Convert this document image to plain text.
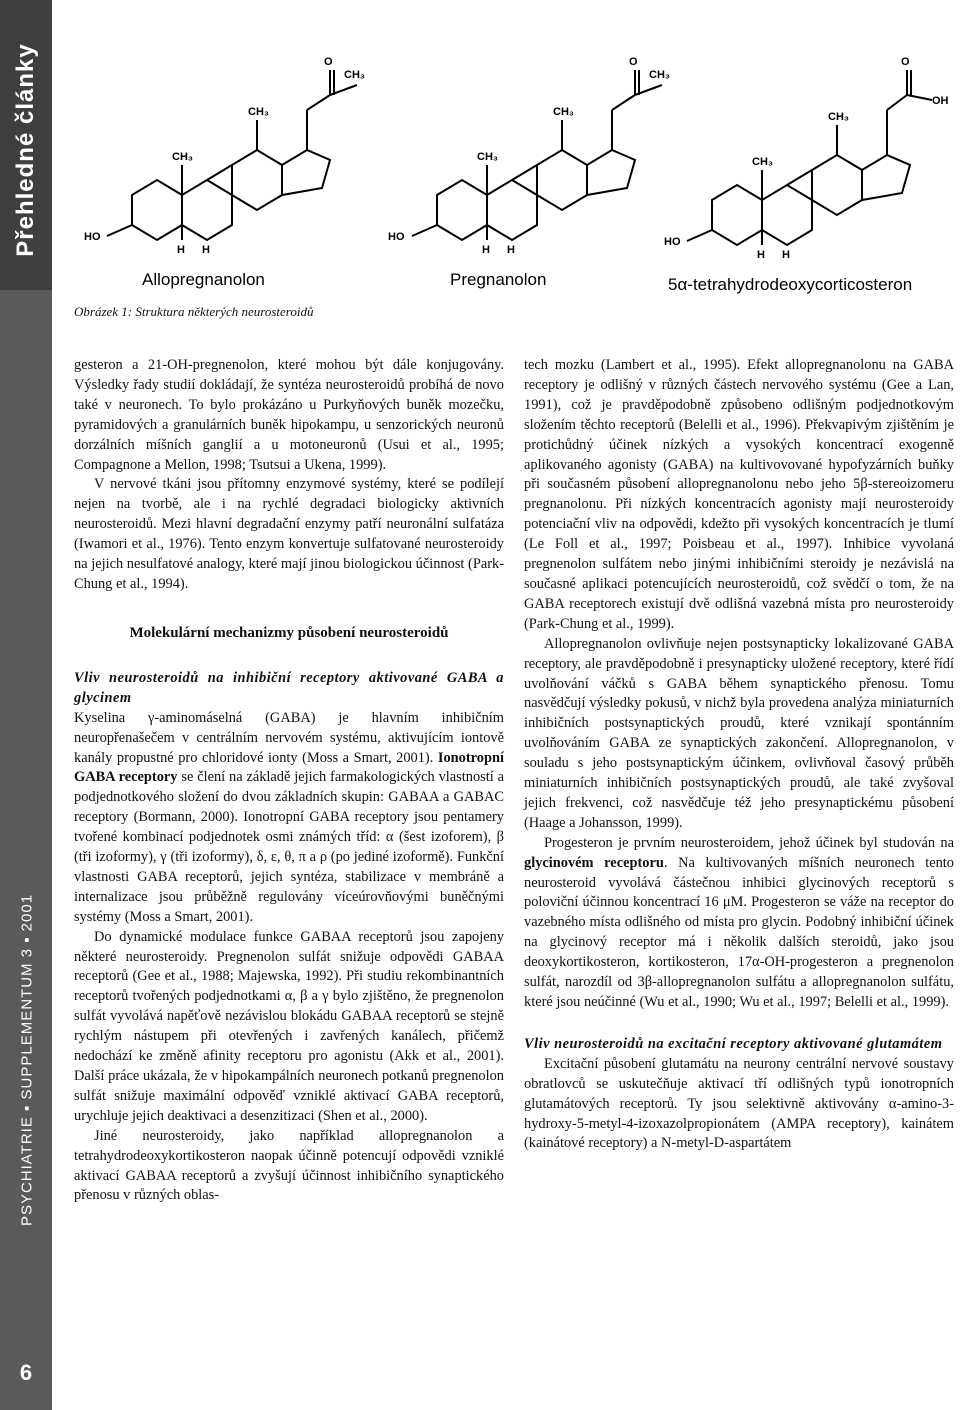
Přehledné články
PSYCHIATRIE ▪ SUPPLEMENTUM 3 ▪ 2001
6
CH₃
O
CH₃
CH₃
HO
H H
CH₃
O
CH₃
CH₃
HO
H H
O
OH
CH₃
CH₃
HO
H H
Allopregnanolon	Pregnanolon	5α-tetrahydrodeoxycorticosteron
Obrázek 1: Struktura některých neurosteroidů

gesteron a 21-OH-pregnenolon, které mohou být dále konjugovány. Výsledky řady studií dokládají, že syntéza neurosteroidů probíhá de novo také v neuronech. To bylo prokázáno u Purkyňových buněk mozečku, pyramidových a granulárních buněk hipokampu, u senzorických neuronů dorzálních míšních ganglií a u motoneuronů (Usui et al., 1995; Compagnone a Mellon, 1998; Tsutsui a Ukena, 1999).

V nervové tkáni jsou přítomny enzymové systémy, které se podílejí nejen na tvorbě, ale i na rychlé degradaci biologicky aktivních neurosteroidů. Mezi hlavní degradační enzymy patří neuronální sulfatáza (Iwamori et al., 1976). Tento enzym konvertuje sulfatované neurosteroidy na jejich nesulfatové analogy, které mají jinou biologickou účinnost (Park-Chung et al., 1994).

Molekulární mechanizmy působení neurosteroidů

Vliv neurosteroidů na inhibiční receptory aktivované GABA a glycinem

Kyselina γ-aminomáselná (GABA) je hlavním inhibičním neuropřenašečem v centrálním nervovém systému, aktivujícím iontově kanály propustné pro chloridové ionty (Moss a Smart, 2001). Ionotropní GABA receptory se člení na základě jejich farmakologických vlastností a podjednotkového složení do dvou základních skupin: GABAA a GABAC receptory (Bormann, 2000). Ionotropní GABA receptory jsou pentamery tvořené kombinací podjednotek osmi známých tříd: α (šest izoforem), β (tři izoformy), γ (tři izoformy), δ, ε, θ, π a ρ (po jediné izoformě). Funkční vlastnosti GABA receptorů, jejich syntéza, stabilizace v membráně a internalizace jsou průběžně regulovány víceúrovňovými buněčnými systémy (Moss a Smart, 2001).

Do dynamické modulace funkce GABAA receptorů jsou zapojeny některé neurosteroidy. Pregnenolon sulfát snižuje odpovědi GABAA receptorů (Gee et al., 1988; Majewska, 1992). Při studiu rekombinantních receptorů tvořených podjednotkami α, β a γ bylo zjištěno, že pregnenolon sulfát vyvolává napěťově nezávislou blokádu GABAA receptorů se stejně rychlým nástupem při otevřených i zavřených kanálech, přičemž nedochází ke změně afinity receptoru pro agonistu (Akk et al., 2001). Další práce ukázala, že v hipokampálních neuronech potkanů pregnenolon sulfát snižuje maximální odpověď vzniklé aktivací GABA receptorů, urychluje jejich deaktivaci a desenzitizaci (Shen et al., 2000).

Jiné neurosteroidy, jako například allopregnanolon a tetrahydrodeoxykortikosteron naopak účinně potencují odpovědi vzniklé aktivací GABAA receptorů a zvyšují účinnost inhibičního synaptického přenosu v různých oblas-

tech mozku (Lambert et al., 1995). Efekt allopregnanolonu na GABA receptory je odlišný v různých částech nervového systému (Gee a Lan, 1991), což je pravděpodobně způsobeno odlišným podjednotkovým složením těchto receptorů (Belelli et al., 1996). Překvapivým zjištěním je protichůdný účinek nízkých a vysokých koncentrací exogenně aplikovaného agonisty (GABA) na kultivovované hypofyzárních buňky při současném působení allopregnanolonu nebo jeho 5β-stereoizomeru pregnanolonu. Při nízkých koncentracích agonisty mají neurosteroidy potenciační vliv na odpovědi, kdežto při vysokých koncentracích je tlumí (Le Foll et al., 1997; Poisbeau et al., 1997). Inhibice vyvolaná pregnenolon sulfátem nebo jinými inhibičními steroidy je nezávislá na současné aplikaci potencujících neurosteroidů, což svědčí o tom, že na GABA receptorech existují dvě odlišná vazebná místa pro neurosteroidy (Park-Chung et al., 1999).

Allopregnanolon ovlivňuje nejen postsynapticky lokalizované GABA receptory, ale pravděpodobně i presynapticky uložené receptory, které řídí uvolňování váčků s GABA během synaptického přenosu. Tomu nasvědčují výsledky pokusů, v nichž byla provedena analýza miniaturních inhibičních postsynaptických proudů, které vznikají spontánním uvolňováním GABA ze synaptických zakončení. Allopregnanolon, v souladu s jeho postsynaptickým účinkem, ovlivňoval časový průběh miniaturních inhibičních postsynaptických proudů, ale také zvyšoval jejich frekvenci, což nasvědčuje též jeho presynaptickému působení (Haage a Johansson, 1999).

Progesteron je prvním neurosteroidem, jehož účinek byl studován na glycinovém receptoru. Na kultivovaných míšních neuronech tento neurosteroid vyvolává částečnou inhibici glycinových receptorů s poloviční účinnou koncentrací 16 μM. Progesteron se váže na receptor do vazebného místa odlišného od místa pro glycin. Podobný inhibiční účinek na glycinový receptor má i několik dalších steroidů, jako jsou deoxykortikosteron, kortikosteron, 17α-OH-progesteron a pregnenolon sulfát, narozdíl od 3β-allopregnanolon sulfátu a allopregnanolon sulfátu, které jsou neúčinné (Wu et al., 1990; Wu et al., 1997; Belelli et al., 1999).

Vliv neurosteroidů na excitační receptory aktivované glutamátem

Excitační působení glutamátu na neurony centrální nervové soustavy obratlovců se uskutečňuje aktivací tří odlišných typů ionotropních glutamátových receptorů. Ty jsou selektivně aktivovány α-amino-3-hydroxy-5-metyl-4-izoxazolpropionátem (AMPA receptory), kainátem (kainátové receptory) a N-metyl-D-aspartátem
